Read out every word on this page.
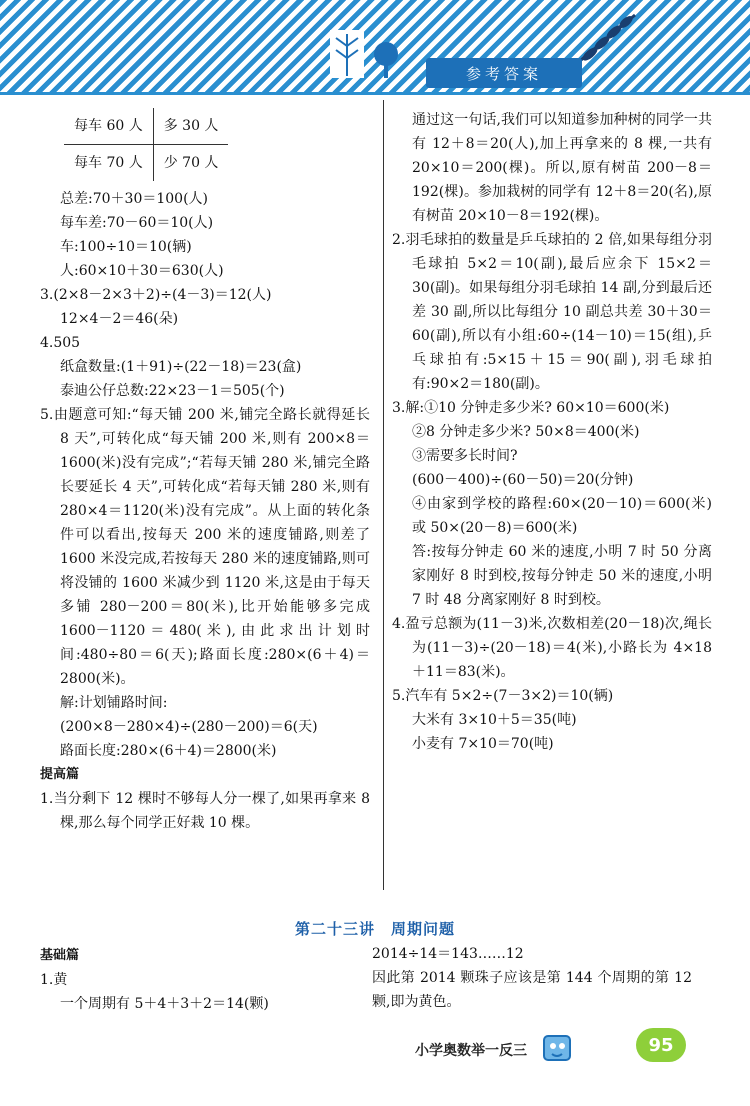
参考答案
每车 60 人	多 30 人
每车 70 人	少 70 人

总差:70＋30＝100(人)

每车差:70－60＝10(人)

车:100÷10＝10(辆)

人:60×10＋30＝630(人)

3.(2×8－2×3＋2)÷(4－3)＝12(人)

12×4－2＝46(朵)

4.505

纸盒数量:(1＋91)÷(22－18)＝23(盒)

泰迪公仔总数:22×23－1＝505(个)

5.由题意可知:“每天铺 200 米,铺完全路长就得延长 8 天”,可转化成“每天铺 200 米,则有 200×8＝1600(米)没有完成”;“若每天铺 280 米,铺完全路长要延长 4 天”,可转化成“若每天铺 280 米,则有 280×4＝1120(米)没有完成”。从上面的转化条件可以看出,按每天 200 米的速度铺路,则差了 1600 米没完成,若按每天 280 米的速度铺路,则可将没铺的 1600 米减少到 1120 米,这是由于每天多铺 280－200＝80(米),比开始能够多完成 1600－1120＝480(米),由此求出计划时间:480÷80＝6(天);路面长度:280×(6＋4)＝2800(米)。

解:计划铺路时间:

(200×8－280×4)÷(280－200)＝6(天)

路面长度:280×(6＋4)＝2800(米)

提高篇

1.当分剩下 12 棵时不够每人分一棵了,如果再拿来 8 棵,那么每个同学正好栽 10 棵。

通过这一句话,我们可以知道参加种树的同学一共有 12＋8＝20(人),加上再拿来的 8 棵,一共有 20×10＝200(棵)。所以,原有树苗 200－8＝192(棵)。参加栽树的同学有 12＋8＝20(名),原有树苗 20×10－8＝192(棵)。

2.羽毛球拍的数量是乒乓球拍的 2 倍,如果每组分羽毛球拍 5×2＝10(副),最后应余下 15×2＝30(副)。如果每组分羽毛球拍 14 副,分到最后还差 30 副,所以比每组分 10 副总共差 30＋30＝60(副),所以有小组:60÷(14－10)＝15(组),乒乓球拍有:5×15＋15＝90(副),羽毛球拍有:90×2＝180(副)。

3.解:①10 分钟走多少米? 60×10＝600(米)

②8 分钟走多少米? 50×8＝400(米)

③需要多长时间?

(600－400)÷(60－50)＝20(分钟)

④由家到学校的路程:60×(20－10)＝600(米)或 50×(20－8)＝600(米)

答:按每分钟走 60 米的速度,小明 7 时 50 分离家刚好 8 时到校,按每分钟走 50 米的速度,小明 7 时 48 分离家刚好 8 时到校。

4.盈亏总额为(11－3)米,次数相差(20－18)次,绳长为(11－3)÷(20－18)＝4(米),小路长为 4×18＋11＝83(米)。

5.汽车有 5×2÷(7－3×2)＝10(辆)

大米有 3×10＋5＝35(吨)

小麦有 7×10＝70(吨)

第二十三讲　周期问题

基础篇

1.黄

一个周期有 5＋4＋3＋2＝14(颗)

2014÷14＝143……12

因此第 2014 颗珠子应该是第 144 个周期的第 12 颗,即为黄色。

小学奥数举一反三	95
